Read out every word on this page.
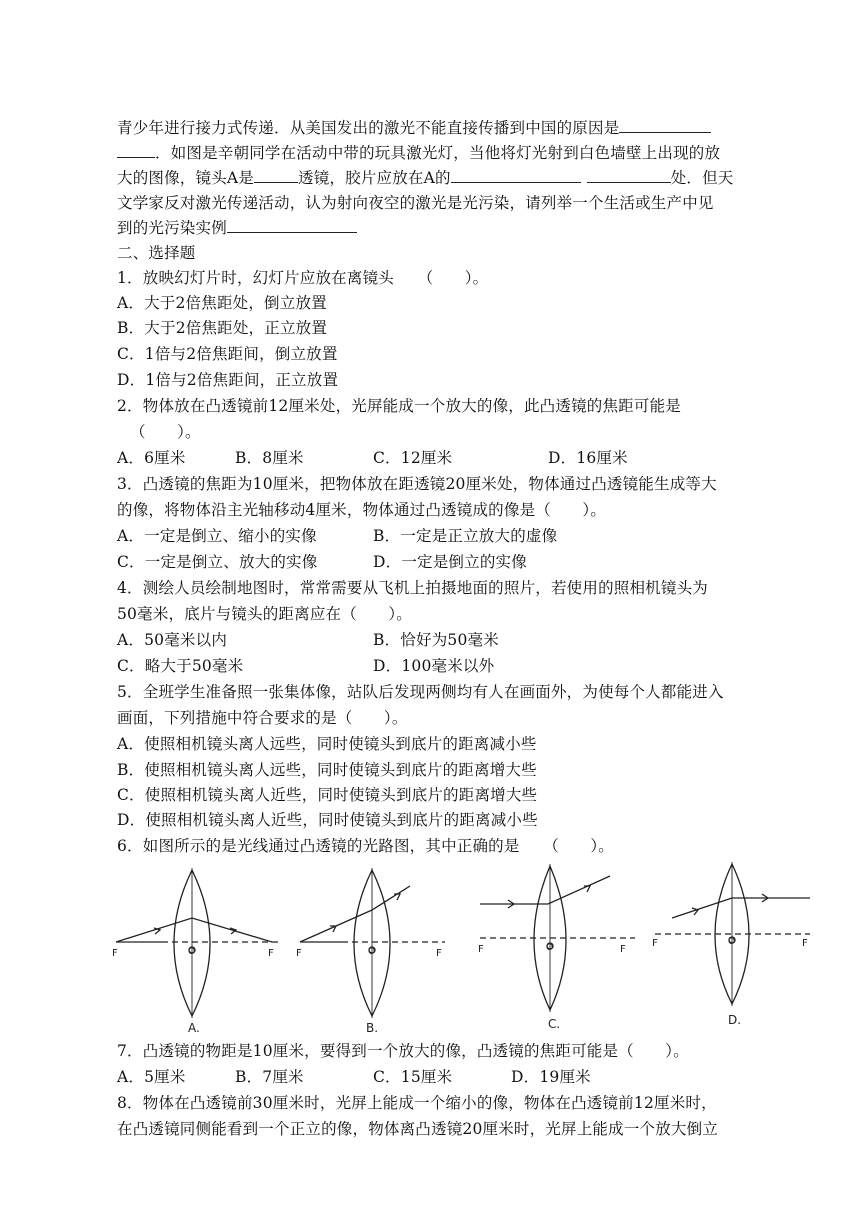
青少年进行接力式传递．从美国发出的激光不能直接传播到中国的原因是
．如图是辛朝同学在活动中带的玩具激光灯，当他将灯光射到白色墙壁上出现的放
大的图像，镜头A是	透镜，胶片应放在A的	处．但天
文学家反对激光传递活动，认为射向夜空的激光是光污染，请列举一个生活或生产中见
到的光污染实例
二、选择题
1．放映幻灯片时，幻灯片应放在离镜头　　（　　）。
A．大于2倍焦距处，倒立放置
B．大于2倍焦距处，正立放置
C．1倍与2倍焦距间，倒立放置
D．1倍与2倍焦距间，正立放置
2．物体放在凸透镜前12厘米处，光屏能成一个放大的像，此凸透镜的焦距可能是
（　　）。
A．6厘米	B．8厘米	C．12厘米	D．16厘米
3．凸透镜的焦距为10厘米，把物体放在距透镜20厘米处，物体通过凸透镜能生成等大
的像，将物体沿主光轴移动4厘米，物体通过凸透镜成的像是（　　）。
A．一定是倒立、缩小的实像	B．一定是正立放大的虚像
C．一定是倒立、放大的实像	D．一定是倒立的实像
4．测绘人员绘制地图时，常常需要从飞机上拍摄地面的照片，若使用的照相机镜头为
50毫米，底片与镜头的距离应在（　　）。
A．50毫米以内	B．恰好为50毫米
C．略大于50毫米	D．100毫米以外
5．全班学生准备照一张集体像，站队后发现两侧均有人在画面外，为使每个人都能进入
画面，下列措施中符合要求的是（　　）。
A．使照相机镜头离人远些，同时使镜头到底片的距离减小些
B．使照相机镜头离人远些，同时使镜头到底片的距离增大些
C．使照相机镜头离人近些，同时使镜头到底片的距离增大些
D．使照相机镜头离人近些，同时使镜头到底片的距离减小些
6．如图所示的是光线通过凸透镜的光路图，其中正确的是　　（　　）。
F	F F	F	F	F
F	F
O	O	O
O
A.	B.	C.	D.
7．凸透镜的物距是10厘米，要得到一个放大的像，凸透镜的焦距可能是（　　）。
A．5厘米	B．7厘米	C．15厘米	D．19厘米
8．物体在凸透镜前30厘米时，光屏上能成一个缩小的像，物体在凸透镜前12厘米时，
在凸透镜同侧能看到一个正立的像，物体离凸透镜20厘米时，光屏上能成一个放大倒立
